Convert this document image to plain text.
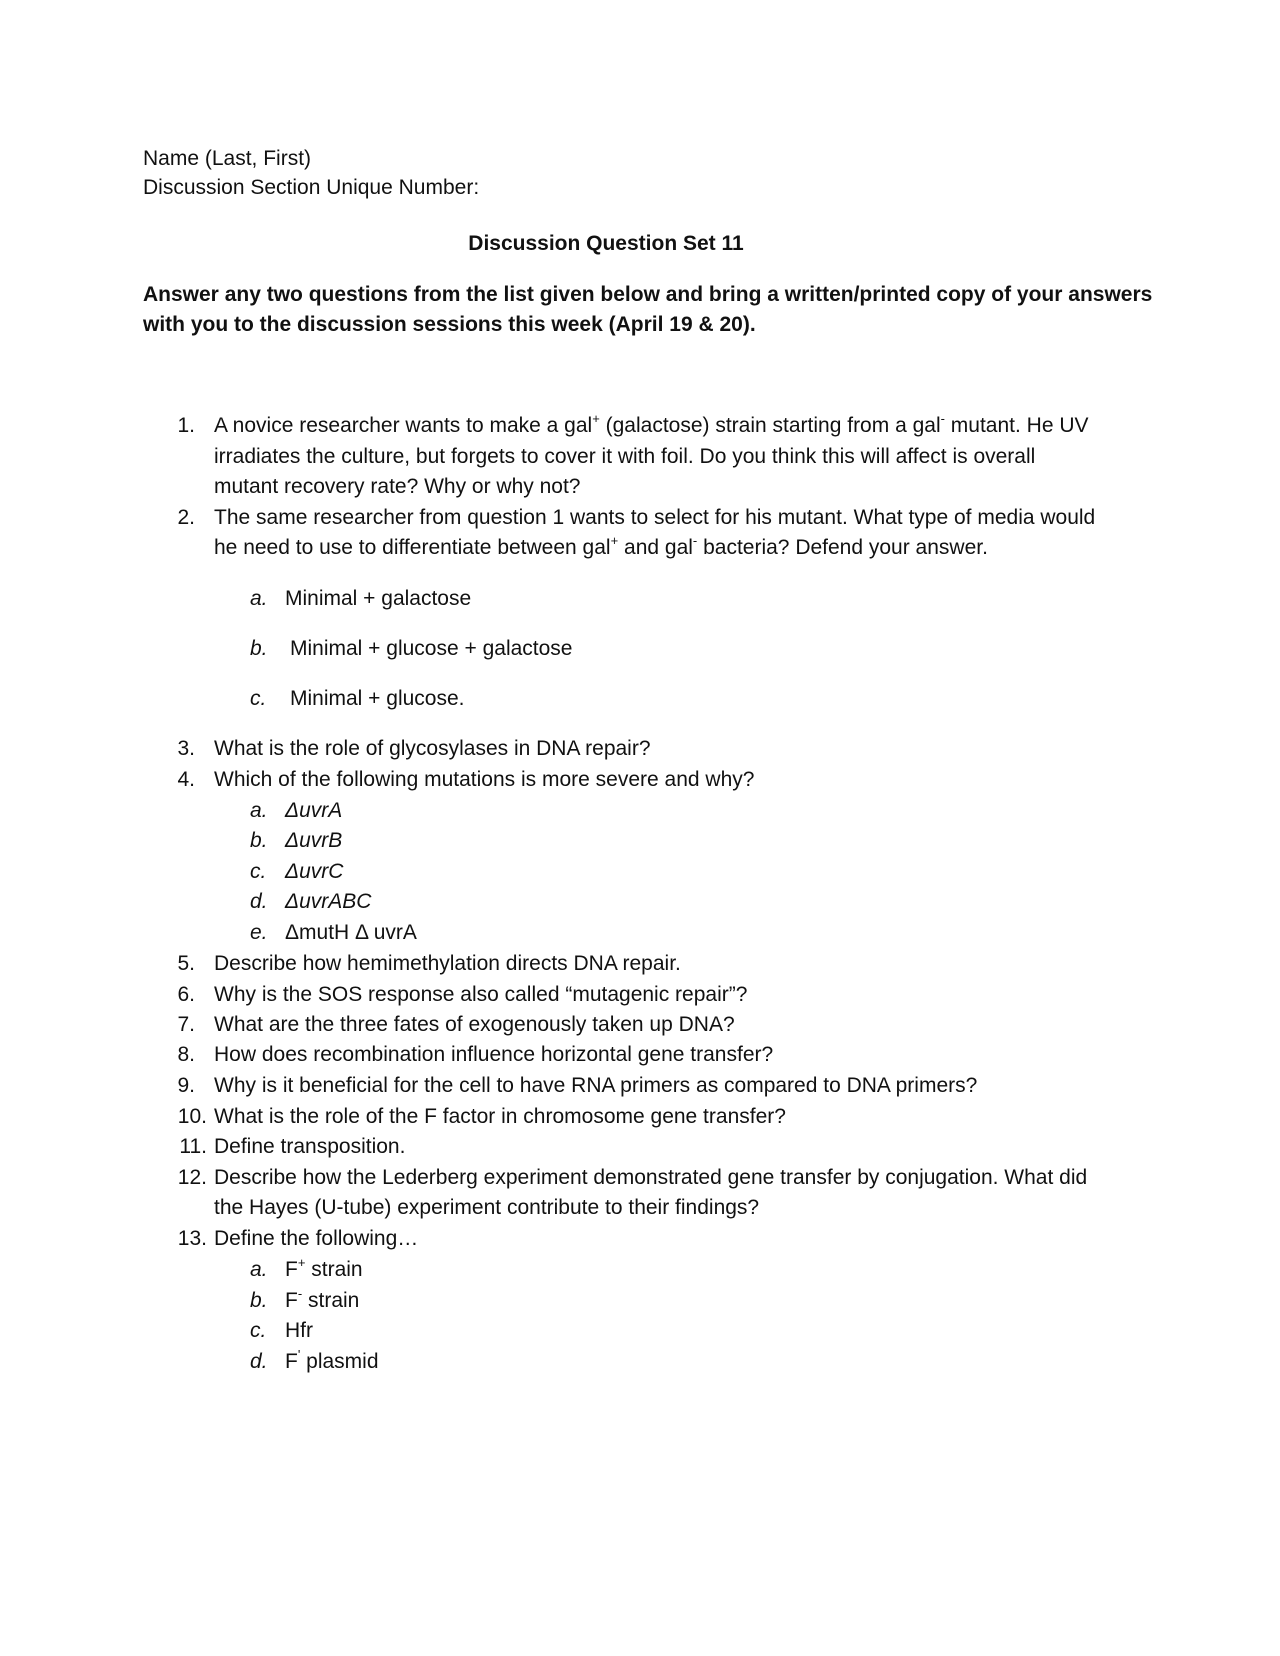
Name (Last, First)
Discussion Section Unique Number:
Discussion Question Set 11
Answer any two questions from the list given below and bring a written/printed copy of your answers
with you to the discussion sessions this week (April 19 & 20).
1. A novice researcher wants to make a gal+ (galactose) strain starting from a gal- mutant. He UV
irradiates the culture, but forgets to cover it with foil. Do you think this will affect is overall
mutant recovery rate? Why or why not?
2. The same researcher from question 1 wants to select for his mutant. What type of media would
he need to use to differentiate between gal+ and gal- bacteria? Defend your answer.
a. Minimal + galactose
b.	Minimal + glucose + galactose
c.	Minimal + glucose.
3. What is the role of glycosylases in DNA repair?
4. Which of the following mutations is more severe and why?
a. ΔuvrA
b. ΔuvrB
c. ΔuvrC
d. ΔuvrABC
e. ΔmutH Δ uvrA
5. Describe how hemimethylation directs DNA repair.
6. Why is the SOS response also called “mutagenic repair”?
7. What are the three fates of exogenously taken up DNA?
8. How does recombination influence horizontal gene transfer?
9. Why is it beneficial for the cell to have RNA primers as compared to DNA primers?
10. What is the role of the F factor in chromosome gene transfer?
11. Define transposition.
12. Describe how the Lederberg experiment demonstrated gene transfer by conjugation. What did
the Hayes (U-tube) experiment contribute to their findings?
13. Define the following…
a. F+ strain
b. F- strain
c. Hfr
d. F' plasmid
